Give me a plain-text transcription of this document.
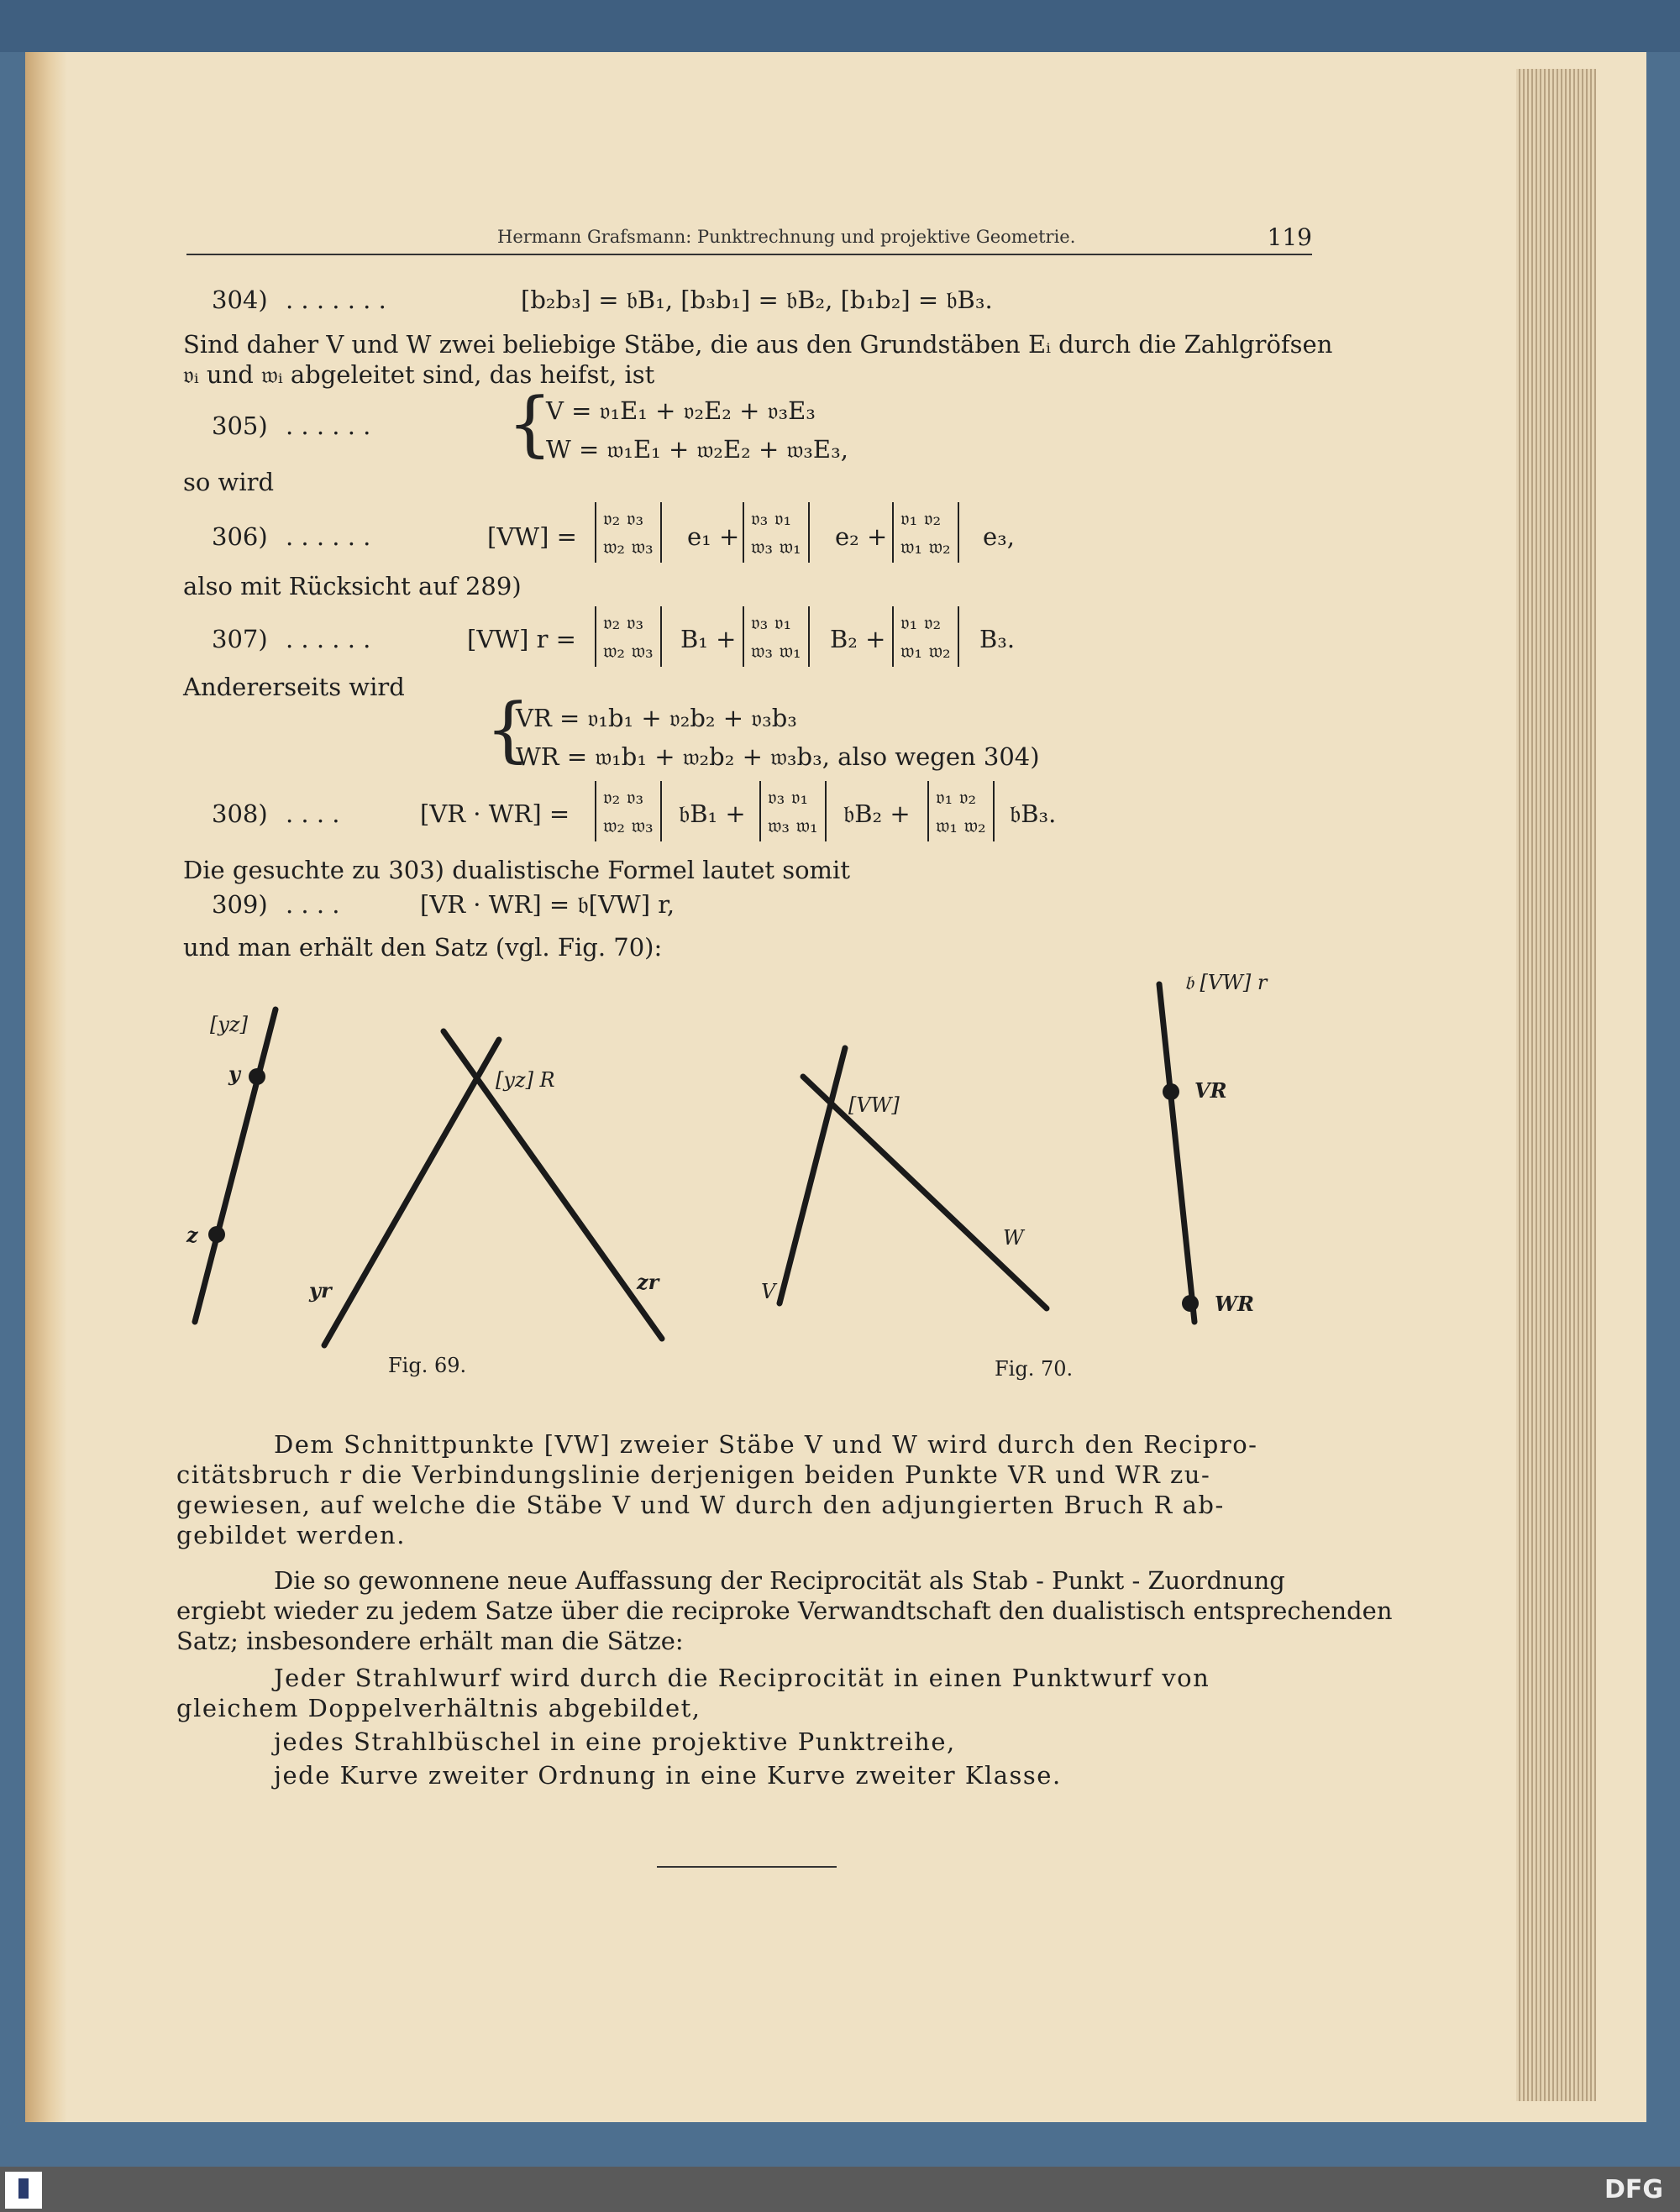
Hermann Grafsmann: Punktrechnung und projektive Geometrie.	119
304) . . . . . . .	[b₂b₃] = 𝔟B₁, [b₃b₁] = 𝔟B₂, [b₁b₂] = 𝔟B₃.
Sind daher V und W zwei beliebige Stäbe, die aus den Grundstäben Eᵢ durch die Zahlgröfsen
𝔳ᵢ und 𝔴ᵢ abgeleitet sind, das heifst, ist
305) . . . . . . {
V = 𝔳₁E₁ + 𝔳₂E₂ + 𝔳₃E₃
W = 𝔴₁E₁ + 𝔴₂E₂ + 𝔴₃E₃,
so wird
306) . . . . . .	[VW] =
𝔳₂ 𝔳₃
𝔴₂ 𝔴₃ e₁ +
𝔳₃ 𝔳₁
𝔴₃ 𝔴₁ e₂ +
𝔳₁ 𝔳₂
𝔴₁ 𝔴₂ e₃,
also mit Rücksicht auf 289)
307) . . . . . .	[VW] r =
𝔳₂ 𝔳₃
𝔴₂ 𝔴₃ B₁ +
𝔳₃ 𝔳₁
𝔴₃ 𝔴₁ B₂ +
𝔳₁ 𝔳₂
𝔴₁ 𝔴₂ B₃.
Andererseits wird
{
VR = 𝔳₁b₁ + 𝔳₂b₂ + 𝔳₃b₃
WR = 𝔴₁b₁ + 𝔴₂b₂ + 𝔴₃b₃, also wegen 304)
308) . . . .	[VR · WR] =
𝔳₂ 𝔳₃
𝔴₂ 𝔴₃ 𝔟B₁ +
𝔳₃ 𝔳₁
𝔴₃ 𝔴₁ 𝔟B₂ +
𝔳₁ 𝔳₂
𝔴₁ 𝔴₂ 𝔟B₃.
Die gesuchte zu 303) dualistische Formel lautet somit
309) . . . .	[VR · WR] = 𝔟[VW] r,
und man erhält den Satz (vgl. Fig. 70):
[yz]
y
z
yr	zr
[yz] R
Fig. 69.
[VW]
V
W
𝔟 [VW] r
VR
WR
Fig. 70.
Dem Schnittpunkte [VW] zweier Stäbe V und W wird durch den Recipro-
citätsbruch r die Verbindungslinie derjenigen beiden Punkte VR und WR zu-
gewiesen, auf welche die Stäbe V und W durch den adjungierten Bruch R ab-
gebildet werden.
Die so gewonnene neue Auffassung der Reciprocität als Stab - Punkt - Zuordnung
ergiebt wieder zu jedem Satze über die reciproke Verwandtschaft den dualistisch entsprechenden
Satz; insbesondere erhält man die Sätze:
Jeder Strahlwurf wird durch die Reciprocität in einen Punktwurf von
gleichem Doppelverhältnis abgebildet,
jedes Strahlbüschel in eine projektive Punktreihe,
jede Kurve zweiter Ordnung in eine Kurve zweiter Klasse.
DFG
